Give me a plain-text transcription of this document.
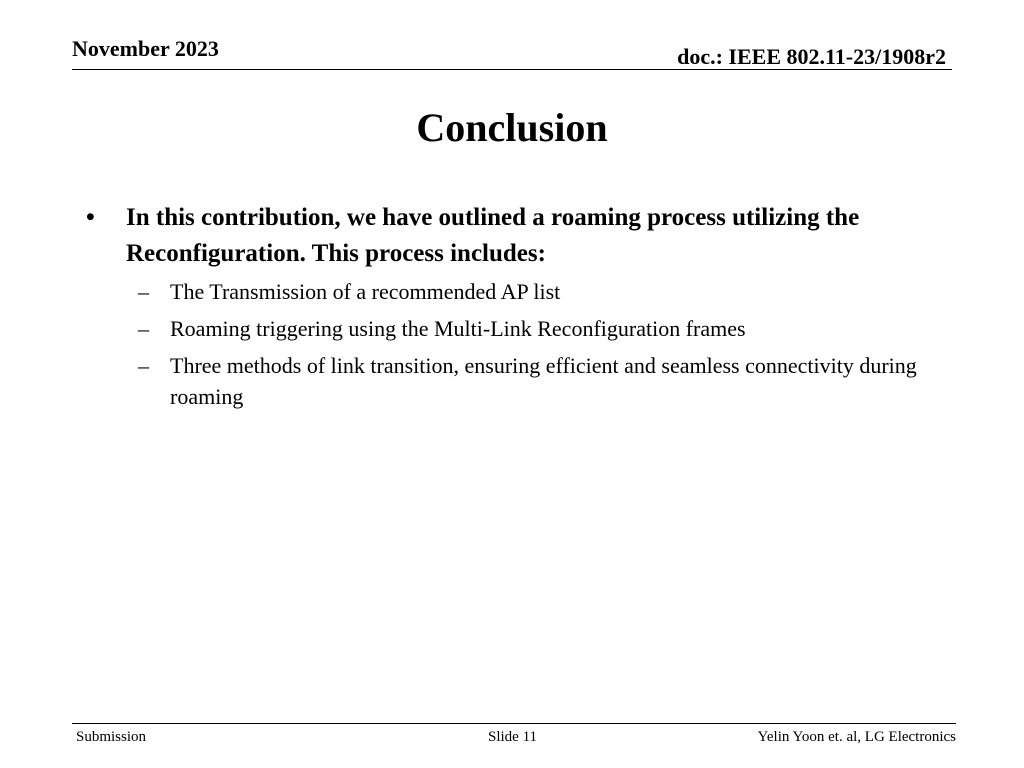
November 2023	doc.: IEEE 802.11-23/1908r2
Conclusion
•	In this contribution, we have outlined a roaming process utilizing the Reconfiguration. This process includes:
– The Transmission of a recommended AP list
– Roaming triggering using the Multi-Link Reconfiguration frames
– Three methods of link transition, ensuring efficient and seamless connectivity during roaming
Submission	Slide 11	Yelin Yoon et. al, LG Electronics
